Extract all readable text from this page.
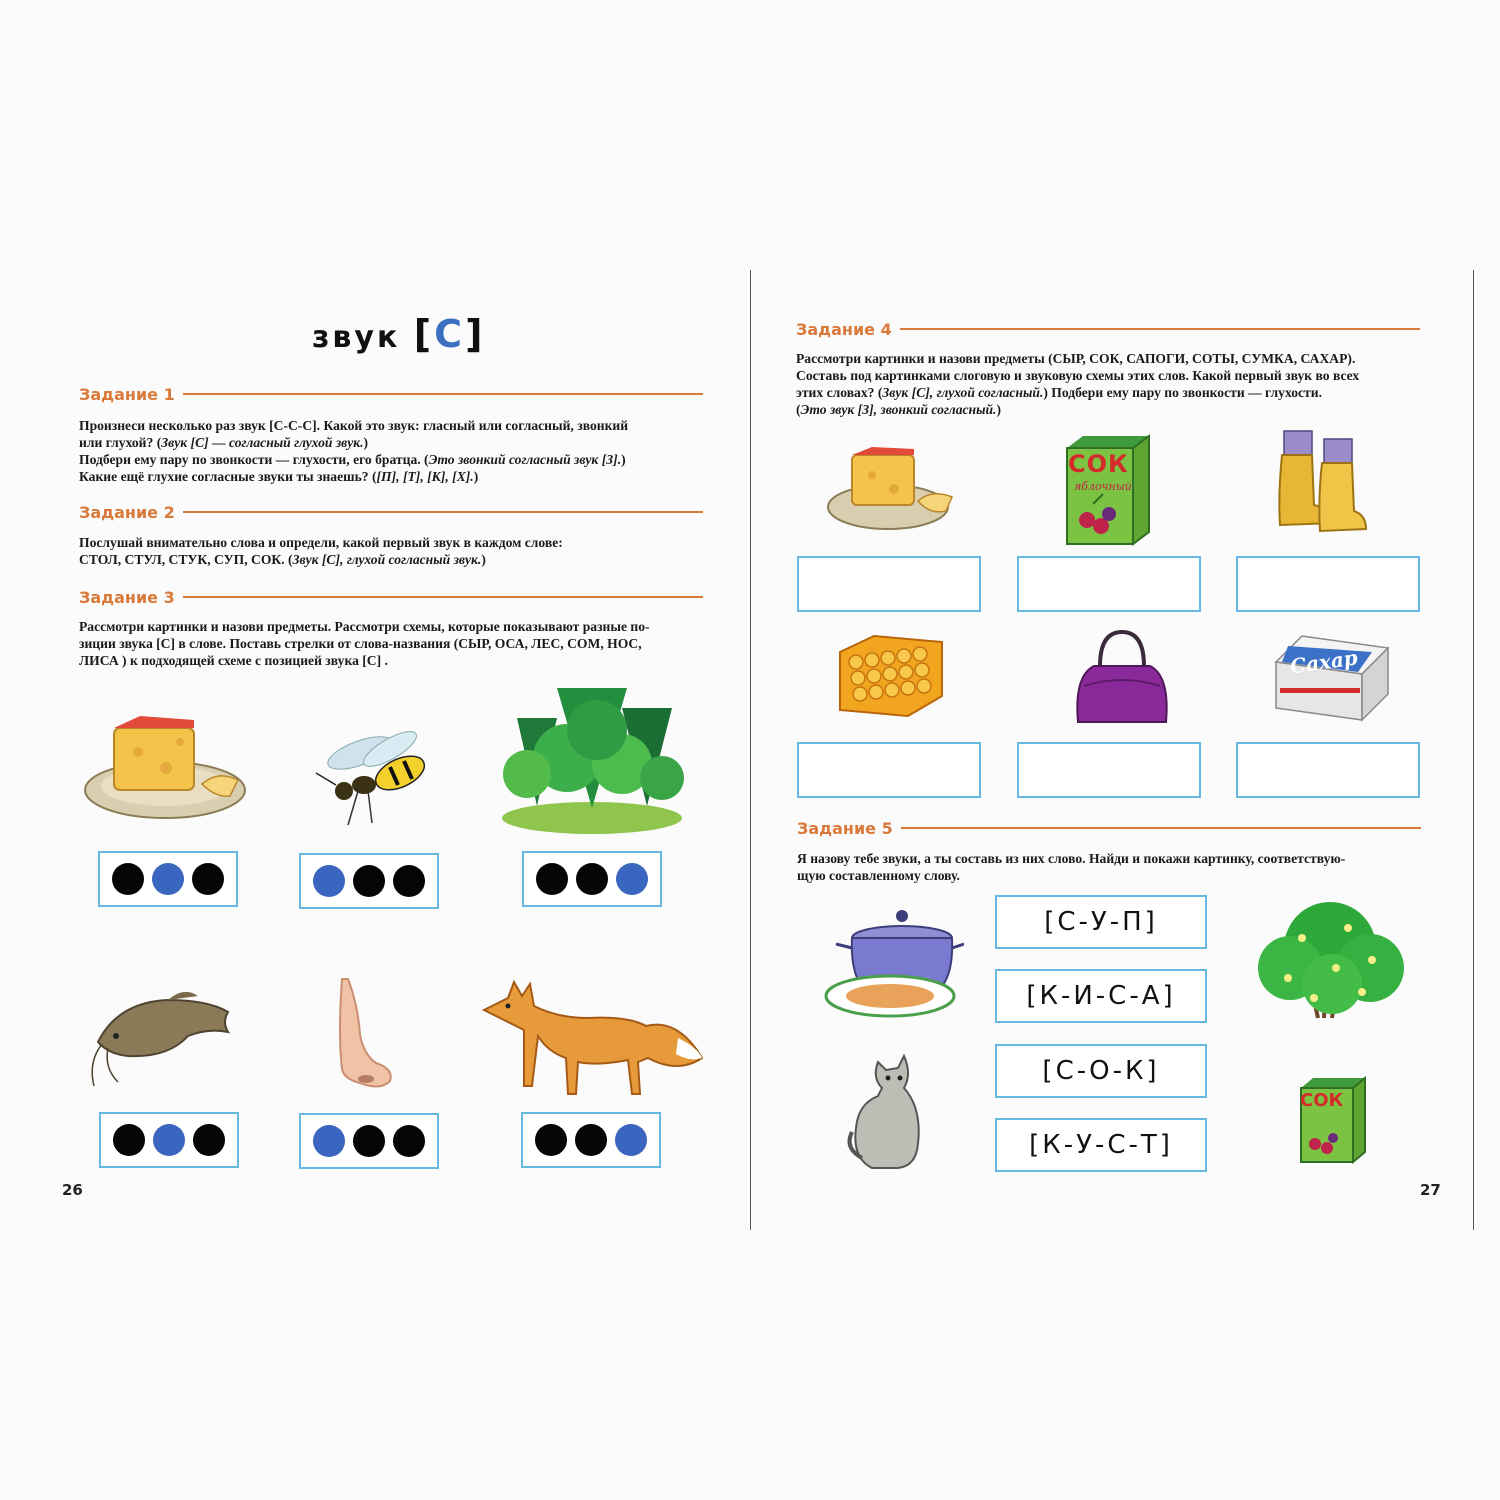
звук [С]
Задание 1

Произнеси несколько раз звук [С-С-С]. Какой это звук: гласный или согласный, звонкий

или глухой? (Звук [С] — согласный глухой звук.)

Подбери ему пару по звонкости — глухости, его братца. (Это звонкий согласный звук [З].)

Какие ещё глухие согласные звуки ты знаешь? ([П], [Т], [К], [Х].)

Задание 2

Послушай внимательно слова и определи, какой первый звук в каждом слове:

СТОЛ, СТУЛ, СТУК, СУП, СОК. (Звук [С], глухой согласный звук.)

Задание 3

Рассмотри картинки и назови предметы. Рассмотри схемы, которые показывают разные по-

зиции звука [С] в слове. Поставь стрелки от слова-названия (СЫР, ОСА, ЛЕС, СОМ, НОС,

ЛИСА ) к подходящей схеме с позицией звука [С] .

26
Задание 4

Рассмотри картинки и назови предметы (СЫР, СОК, САПОГИ, СОТЫ, СУМКА, САХАР).

Составь под картинками слоговую и звуковую схемы этих слов. Какой первый звук во всех

этих словах? (Звук [С], глухой согласный.) Подбери ему пару по звонкости — глухости.

(Это звук [З], звонкий согласный.)

СОК
яблочный
Сахар
Задание 5

Я назову тебе звуки, а ты составь из них слово. Найди и покажи картинку, соответствую-

щую составленному слову.

[С-У-П]
[К-И-С-А]
[С-О-К]
[К-У-С-Т]
СОК
27
